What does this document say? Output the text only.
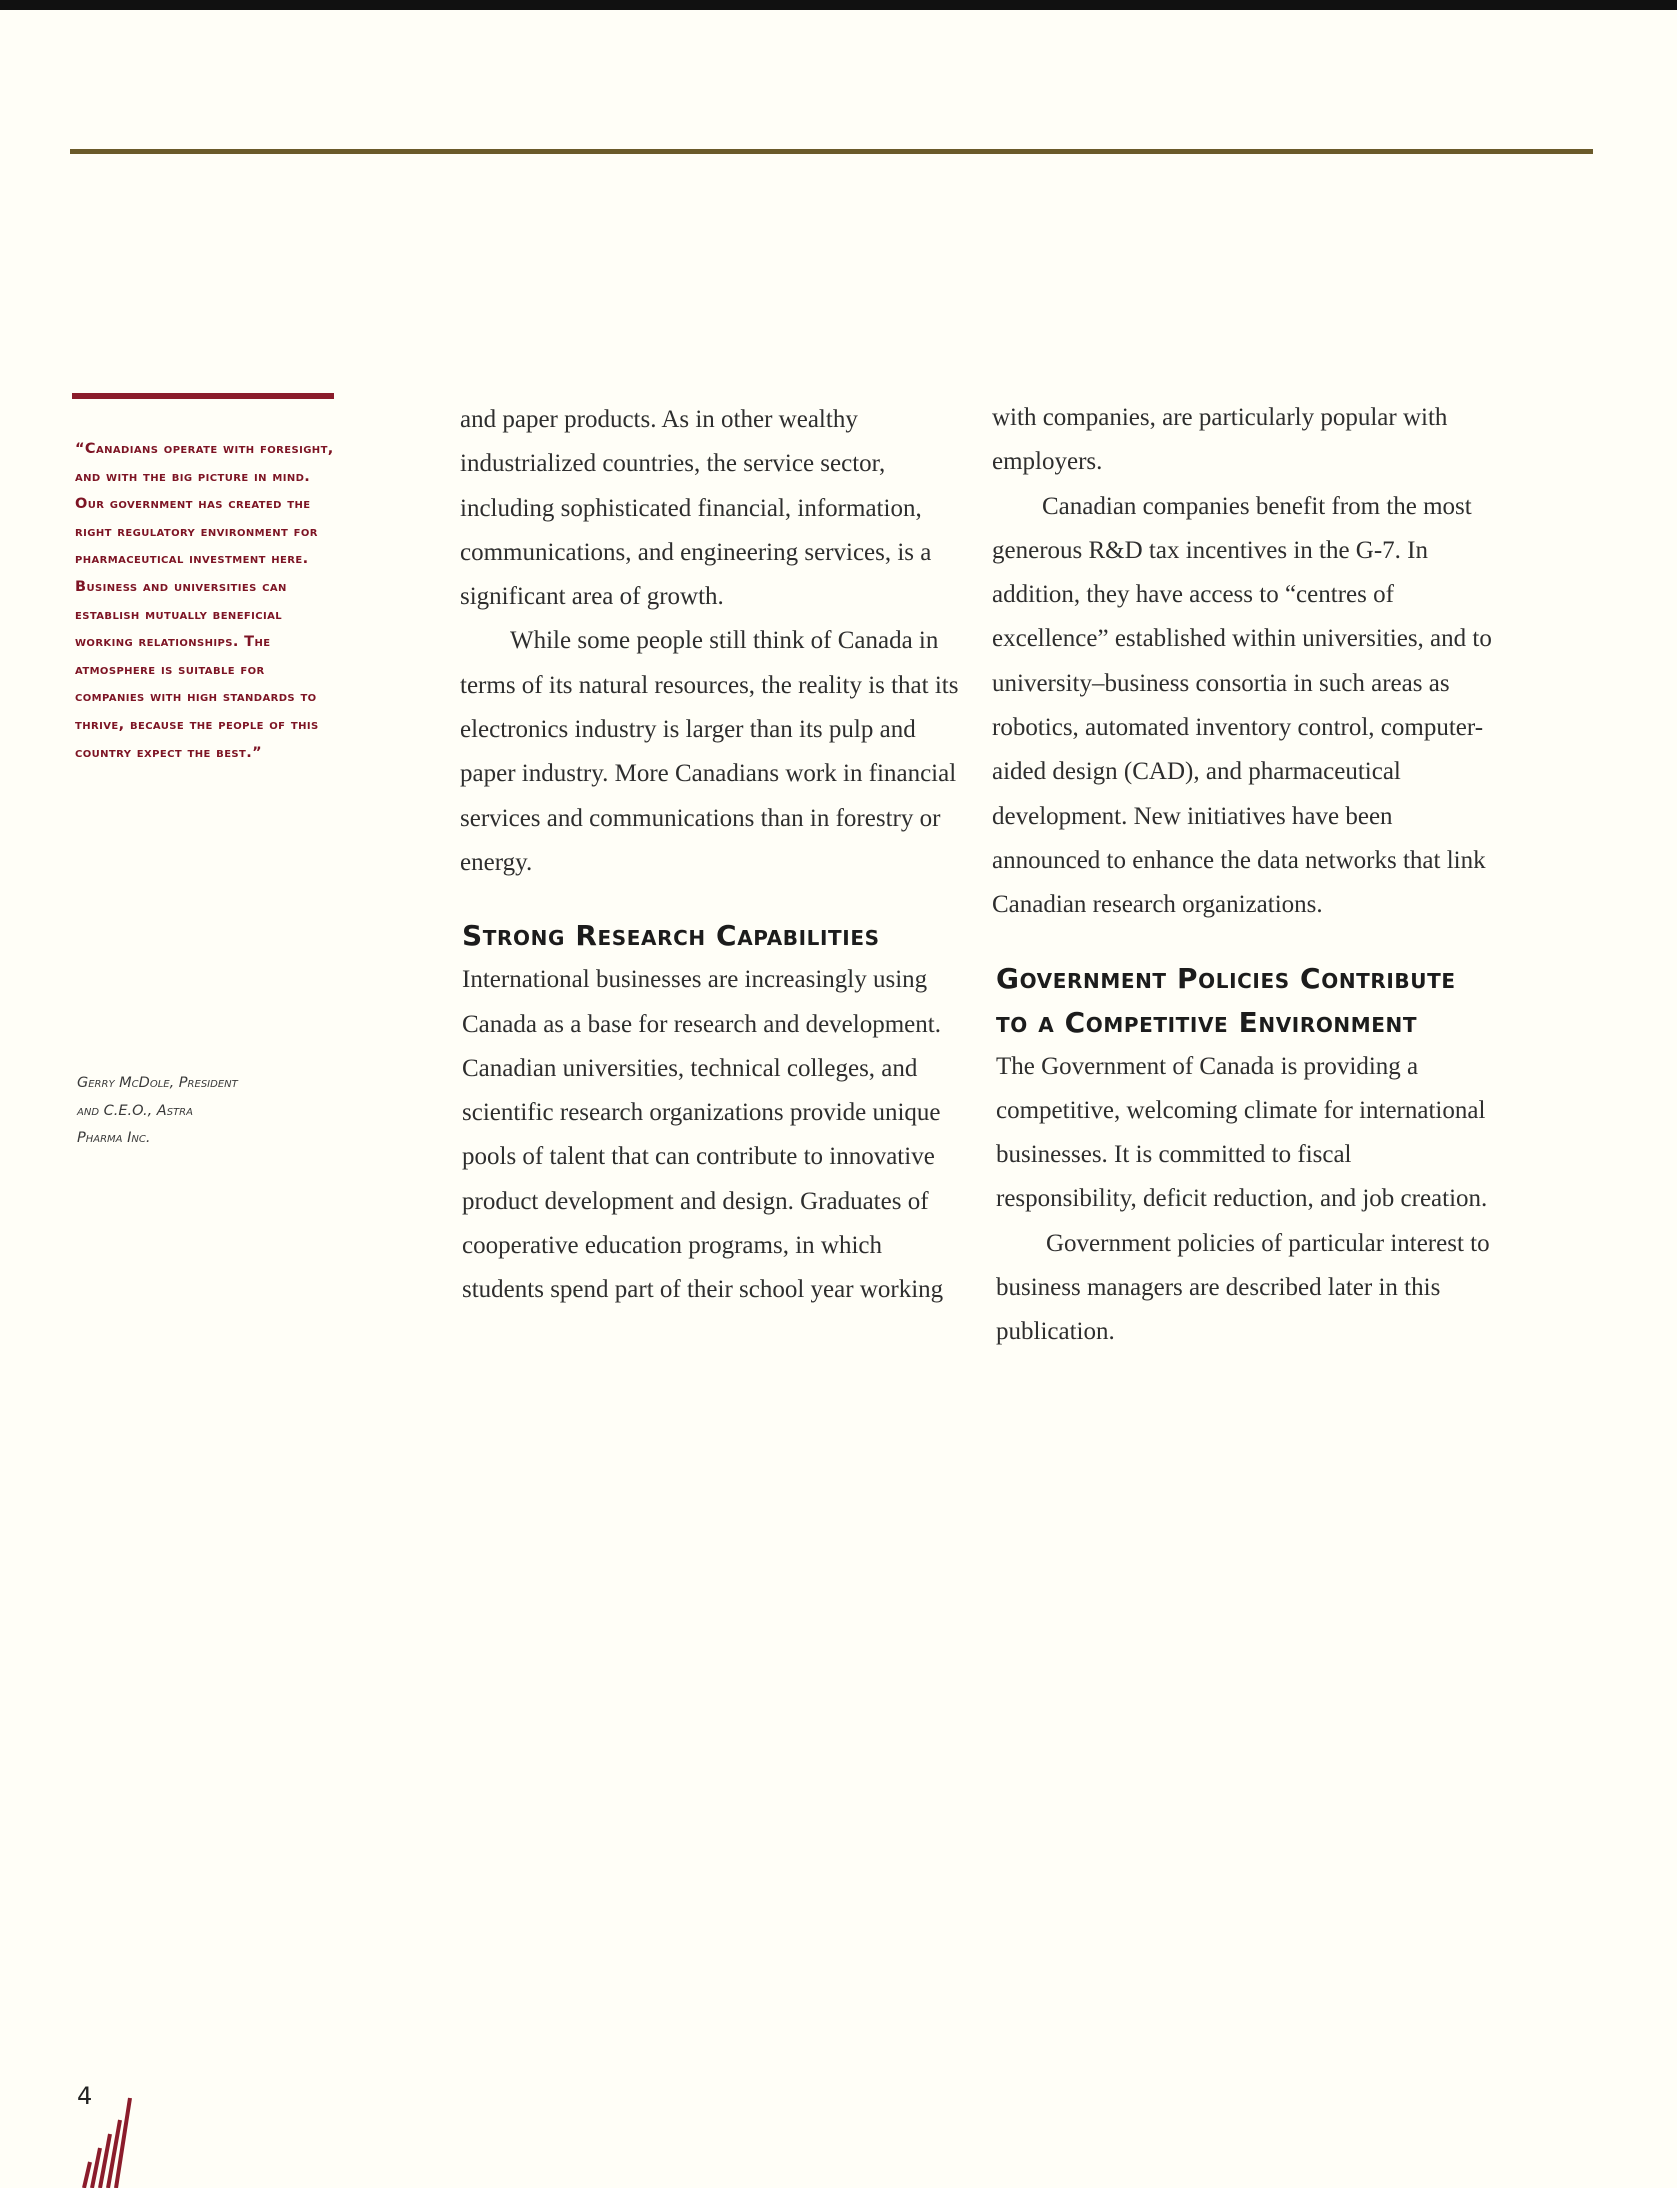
“Canadians operate with foresight, and with the big picture in mind. Our government has created the right regulatory environment for pharmaceutical investment here. Business and universities can establish mutually beneficial working relationships. The atmosphere is suitable for companies with high standards to thrive, because the people of this country expect the best.”
Gerry McDole, President
and C.E.O., Astra
Pharma Inc.

and paper products. As in other wealthy industrialized countries, the service sector, including sophisticated financial, information, communications, and engineering services, is a significant area of growth.

While some people still think of Canada in terms of its natural resources, the reality is that its electronics industry is larger than its pulp and paper industry. More Canadians work in financial services and communications than in forestry or energy.

Strong Research Capabilities

International businesses are increasingly using Canada as a base for research and development. Canadian universities, technical colleges, and scientific research organizations provide unique pools of talent that can contribute to innovative product development and design. Graduates of cooperative education programs, in which students spend part of their school year working

with companies, are particularly popular with employers.

Canadian companies benefit from the most generous R&D tax incentives in the G-7. In addition, they have access to “centres of excellence” established within universities, and to university–business consortia in such areas as robotics, automated inventory control, computer-aided design (CAD), and pharmaceutical development. New initiatives have been announced to enhance the data networks that link Canadian research organizations.

Government Policies Contribute to a Competitive Environment

The Government of Canada is providing a competitive, welcoming climate for international businesses. It is committed to fiscal responsibility, deficit reduction, and job creation.

Government policies of particular interest to business managers are described later in this publication.

4
